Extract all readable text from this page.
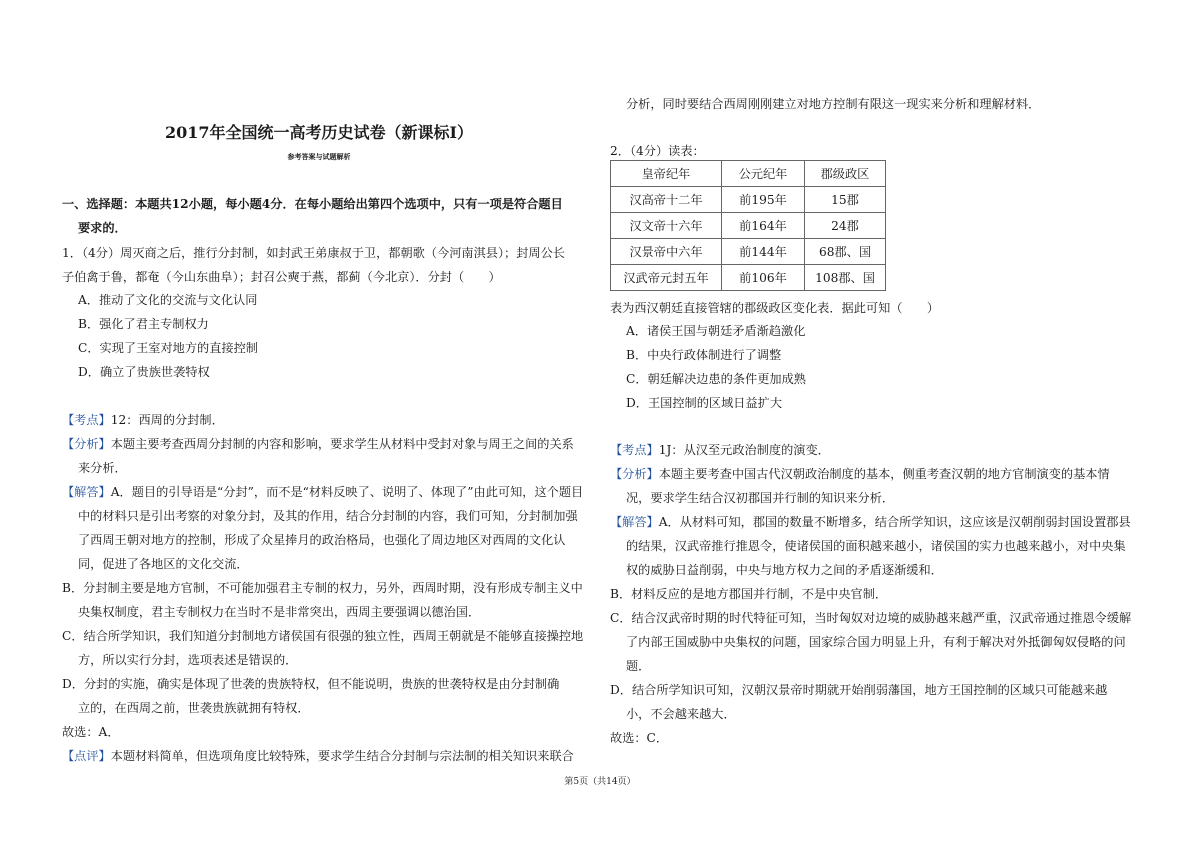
2017年全国统一高考历史试卷（新课标Ⅰ）
参考答案与试题解析
一、选择题：本题共12小题，每小题4分．在每小题给出第四个选项中，只有一项是符合题目
要求的．
1．（4分）周灭商之后，推行分封制，如封武王弟康叔于卫，都朝歌（今河南淇县）；封周公长
子伯禽于鲁，都奄（今山东曲阜）；封召公奭于燕，都蓟（今北京）．分封（　　）
A．推动了文化的交流与文化认同
B．强化了君主专制权力
C．实现了王室对地方的直接控制
D．确立了贵族世袭特权
【考点】12：西周的分封制．
【分析】本题主要考查西周分封制的内容和影响，要求学生从材料中受封对象与周王之间的关系
来分析．
【解答】A．题目的引导语是“分封”，而不是“材料反映了、说明了、体现了”由此可知，这个题目
中的材料只是引出考察的对象分封，及其的作用，结合分封制的内容，我们可知，分封制加强
了西周王朝对地方的控制，形成了众星捧月的政治格局，也强化了周边地区对西周的文化认
同，促进了各地区的文化交流．
B．分封制主要是地方官制，不可能加强君主专制的权力，另外，西周时期，没有形成专制主义中
央集权制度，君主专制权力在当时不是非常突出，西周主要强调以德治国．
C．结合所学知识，我们知道分封制地方诸侯国有很强的独立性，西周王朝就是不能够直接操控地
方，所以实行分封，选项表述是错误的．
D．分封的实施，确实是体现了世袭的贵族特权，但不能说明，贵族的世袭特权是由分封制确
立的，在西周之前，世袭贵族就拥有特权．
故选：A．
【点评】本题材料简单，但选项角度比较特殊，要求学生结合分封制与宗法制的相关知识来联合
分析，同时要结合西周刚刚建立对地方控制有限这一现实来分析和理解材料．
2．（4分）读表：
皇帝纪年	公元纪年	郡级政区
汉高帝十二年	前195年	15郡
汉文帝十六年	前164年	24郡
汉景帝中六年	前144年	68郡、国
汉武帝元封五年	前106年	108郡、国
表为西汉朝廷直接管辖的郡级政区变化表．据此可知（　　）
A．诸侯王国与朝廷矛盾渐趋激化
B．中央行政体制进行了调整
C．朝廷解决边患的条件更加成熟
D．王国控制的区域日益扩大
【考点】1J：从汉至元政治制度的演变．
【分析】本题主要考查中国古代汉朝政治制度的基本，侧重考查汉朝的地方官制演变的基本情
况，要求学生结合汉初郡国并行制的知识来分析．
【解答】A．从材料可知，郡国的数量不断增多，结合所学知识，这应该是汉朝削弱封国设置郡县
的结果，汉武帝推行推恩令，使诸侯国的面积越来越小，诸侯国的实力也越来越小，对中央集
权的威胁日益削弱，中央与地方权力之间的矛盾逐渐缓和．
B．材料反应的是地方郡国并行制，不是中央官制．
C．结合汉武帝时期的时代特征可知，当时匈奴对边境的威胁越来越严重，汉武帝通过推恩令缓解
了内部王国威胁中央集权的问题，国家综合国力明显上升，有利于解决对外抵御匈奴侵略的问
题．
D．结合所学知识可知，汉朝汉景帝时期就开始削弱藩国，地方王国控制的区域只可能越来越
小，不会越来越大．
故选：C．
第5页（共14页）
